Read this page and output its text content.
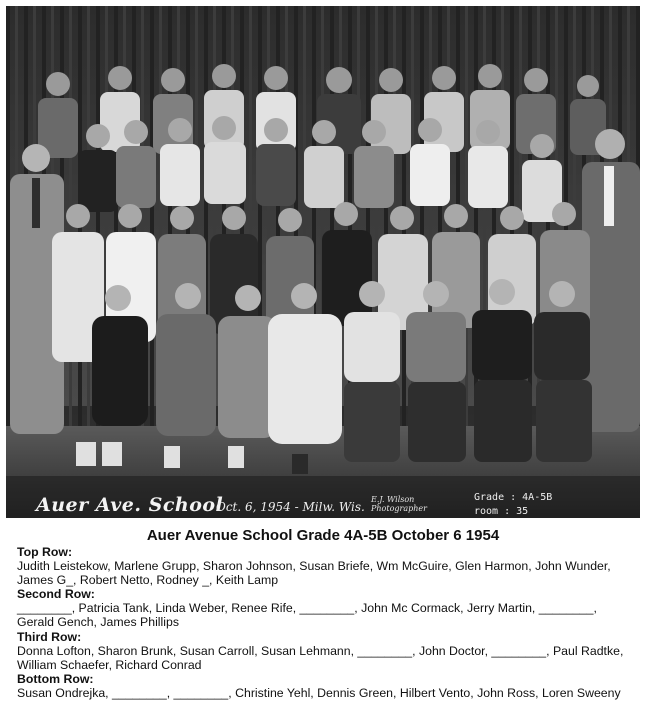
Auer Ave. School
Oct. 6, 1954 - Milw. Wis.
E.J. Wilson Photographer
Grade : 4A-5B
room : 35
Auer Avenue School Grade 4A-5B October 6 1954
Top Row:
Judith Leistekow, Marlene Grupp, Sharon Johnson, Susan Briefe, Wm McGuire, Glen Harmon, John Wunder, James G_, Robert Netto, Rodney _, Keith Lamp
Second Row:
________, Patricia Tank, Linda Weber, Renee Rife, ________, John Mc Cormack, Jerry Martin, ________, Gerald Gench, James Phillips
Third Row:
Donna Lofton, Sharon Brunk, Susan Carroll, Susan Lehmann, ________, John Doctor, ________, Paul Radtke, William Schaefer, Richard Conrad
Bottom Row:
Susan Ondrejka, ________, ________, Christine Yehl, Dennis Green, Hilbert Vento, John Ross, Loren Sweeny
